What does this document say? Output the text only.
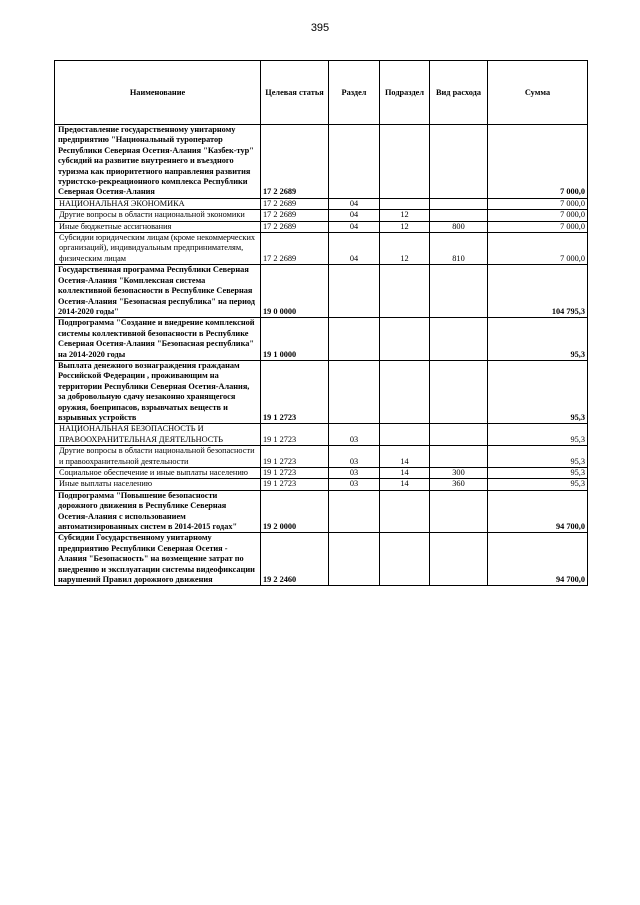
395
Наименование	Целевая статья	Раздел	Подраздел	Вид расхода	Сумма
Предоставление государственному унитарному предприятию "Национальный туроператор Республики Северная Осетия-Алания "Казбек-тур" субсидий на развитие внутреннего и въездного туризма как приоритетного направления развития туристско-рекреационного комплекса Республики Северная Осетия-Алания	17 2 2689				7 000,0
НАЦИОНАЛЬНАЯ ЭКОНОМИКА	17 2 2689	04			7 000,0
Другие вопросы в области национальной экономики	17 2 2689	04	12		7 000,0
Иные бюджетные ассигнования	17 2 2689	04	12	800	7 000,0
Субсидии юридическим лицам (кроме некоммерческих организаций), индивидуальным предпринимателям, физическим лицам	17 2 2689	04	12	810	7 000,0
Государственная программа Республики Северная Осетия-Алания "Комплексная система коллективной безопасности в Республике Северная Осетия-Алания "Безопасная республика" на период 2014-2020 годы"	19 0 0000				104 795,3
Подпрограмма "Создание и внедрение комплексной системы коллективной безопасности в Республике Северная Осетия-Алания "Безопасная республика" на 2014-2020 годы	19 1 0000				95,3
Выплата денежного вознаграждения гражданам Российской Федерации , проживающим на территории Республики Северная Осетия-Алания, за добровольную сдачу незаконно хранящегося оружия, боеприпасов, взрывчатых веществ и взрывных устройств	19 1 2723				95,3
НАЦИОНАЛЬНАЯ БЕЗОПАСНОСТЬ И ПРАВООХРАНИТЕЛЬНАЯ ДЕЯТЕЛЬНОСТЬ	19 1 2723	03			95,3
Другие вопросы в области национальной безопасности и правоохранительной деятельности	19 1 2723	03	14		95,3
Социальное обеспечение и иные выплаты населению	19 1 2723	03	14	300	95,3
Иные выплаты населению	19 1 2723	03	14	360	95,3
Подпрограмма "Повышение безопасности дорожного движения в Республике Северная Осетия-Алания с использованием автоматизированных систем в 2014-2015 годах"	19 2 0000				94 700,0
Субсидии Государственному унитарному предприятию Республики Северная Осетия - Алания "Безопасность" на возмещение затрат по внедрению и эксплуатации системы видеофиксации нарушений Правил дорожного движения	19 2 2460				94 700,0
